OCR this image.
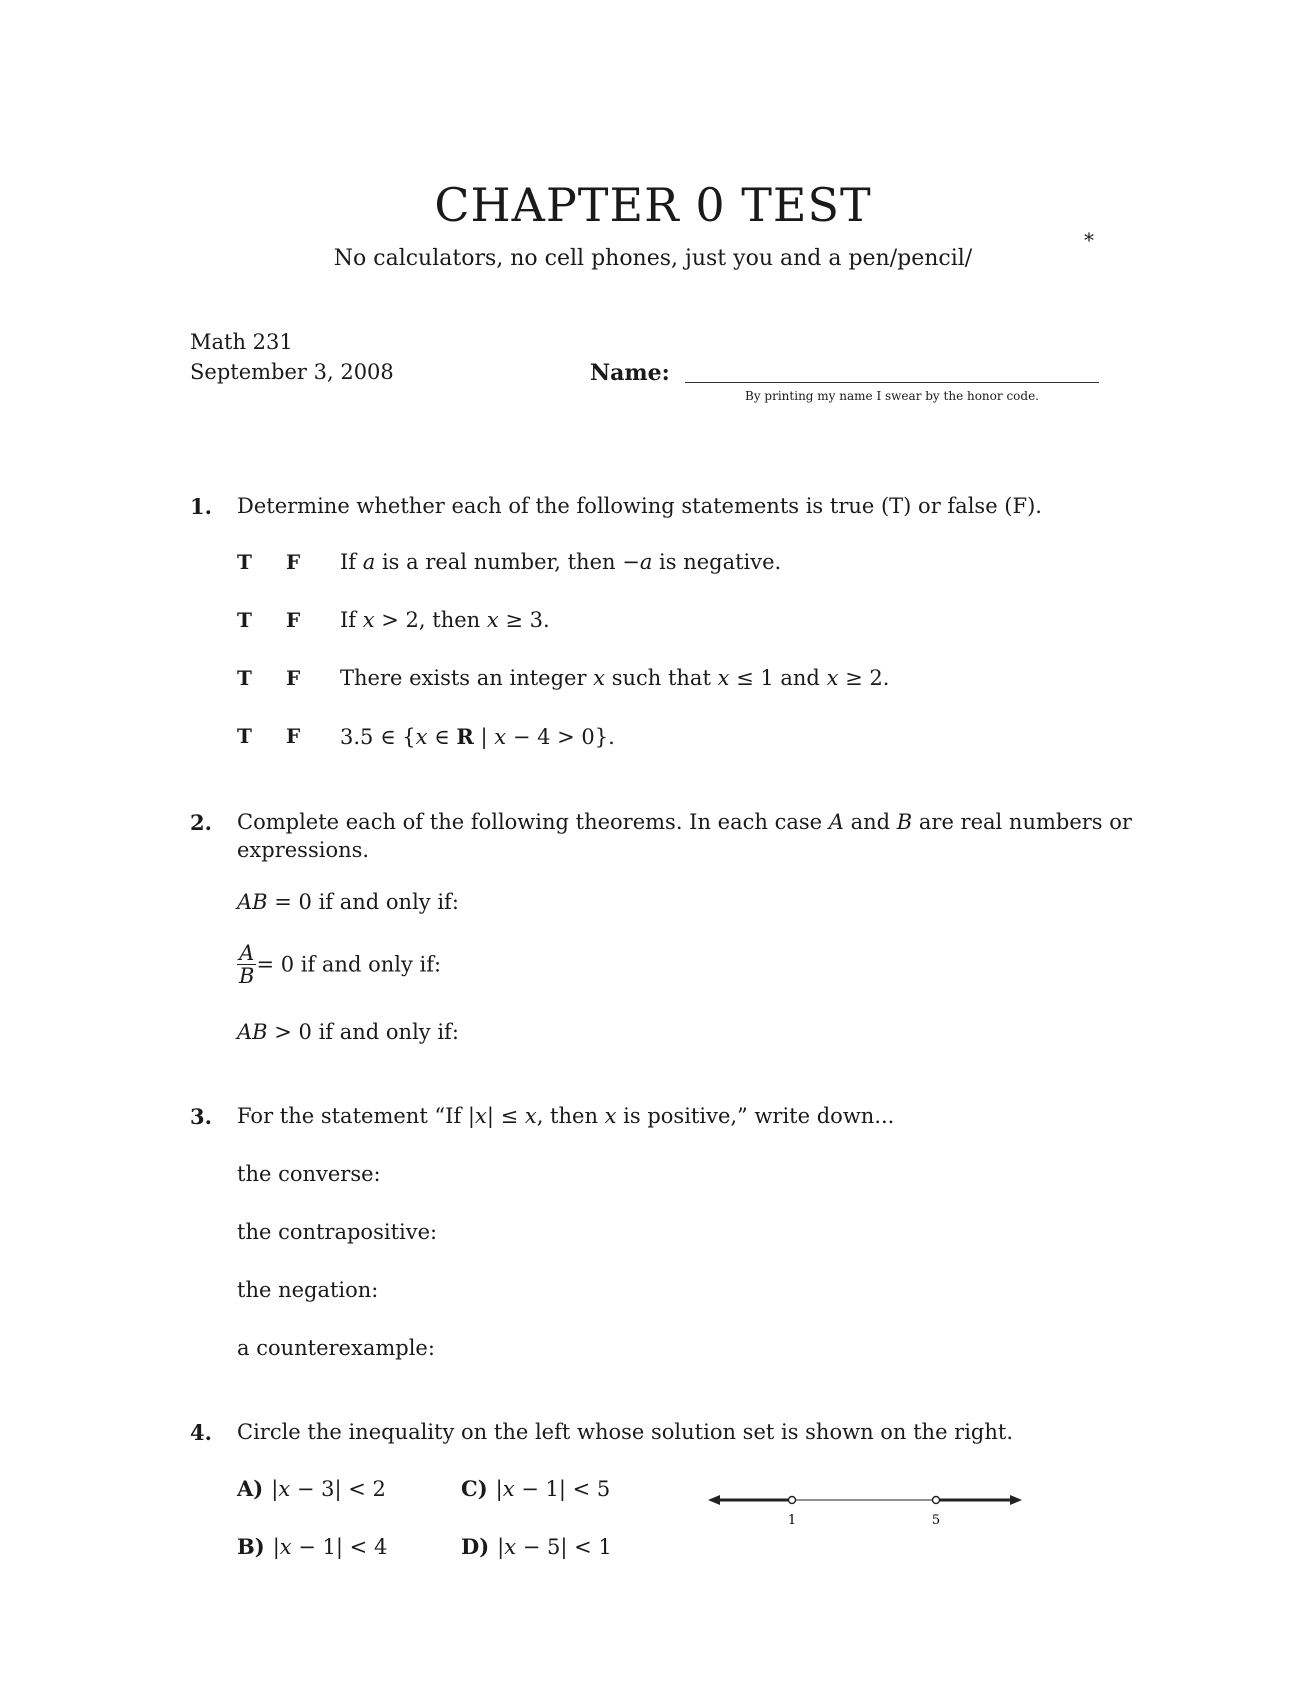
CHAPTER 0 TEST
No calculators, no cell phones, just you and a pen/pencil/
*
Math 231
September 3, 2008	Name:
By printing my name I swear by the honor code.
1. Determine whether each of the following statements is true (T) or false (F).
T F If a is a real number, then −a is negative.
T F If x > 2, then x ≥ 3.
T F There exists an integer x such that x ≤ 1 and x ≥ 2.
T F 3.5 ∈ {x ∈ R | x − 4 > 0}.
2. Complete each of the following theorems. In each case A and B are real numbers or
expressions.
AB = 0 if and only if:
$\frac{A}{B} = 0$ if and only if:
AB > 0 if and only if:
3. For the statement “If |x| ≤ x, then x is positive,” write down...
the converse:
the contrapositive:
the negation:
a counterexample:
4. Circle the inequality on the left whose solution set is shown on the right.
A) |x − 3| < 2	C) |x − 1| < 5
B) |x − 1| < 4	D) |x − 5| < 1
1	5
